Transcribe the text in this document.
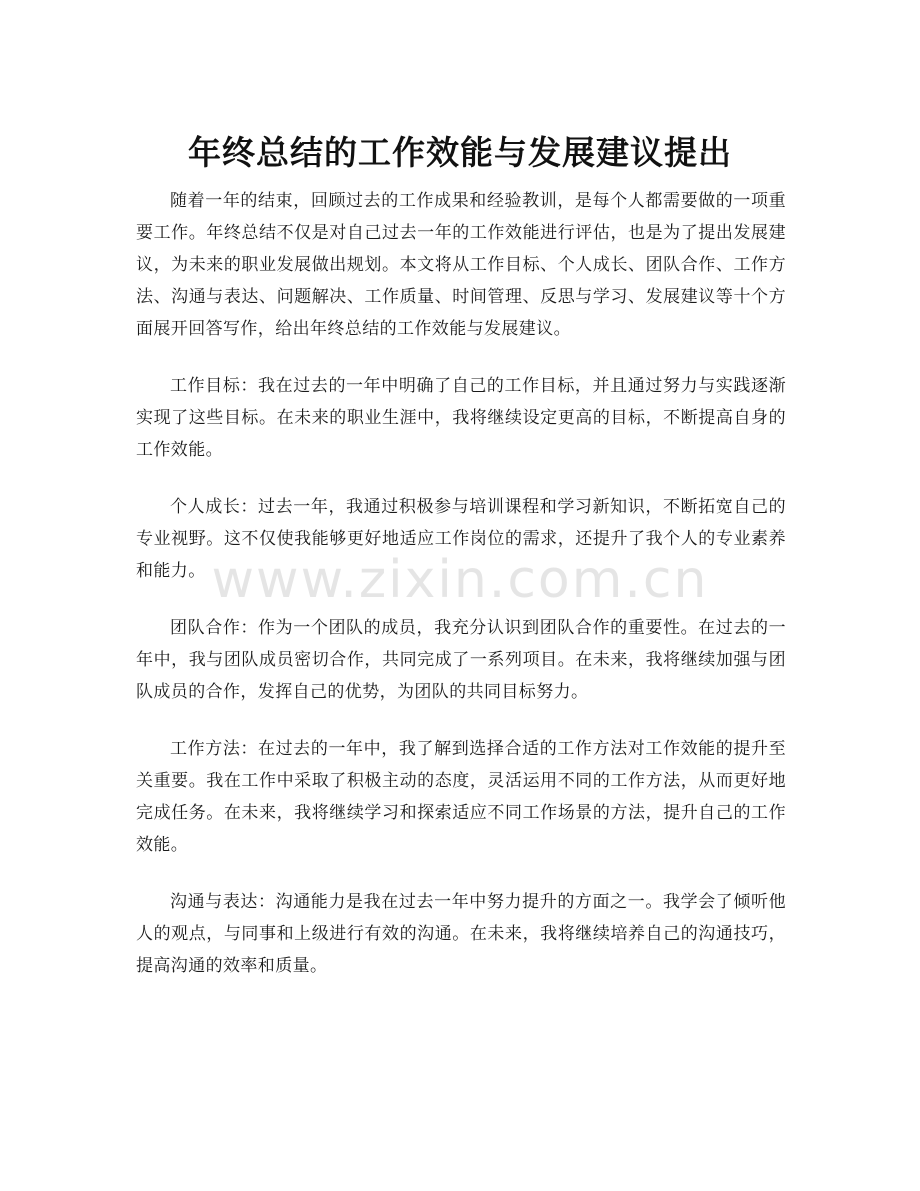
年终总结的工作效能与发展建议提出

随着一年的结束，回顾过去的工作成果和经验教训，是每个人都需要做的一项重要工作。年终总结不仅是对自己过去一年的工作效能进行评估，也是为了提出发展建议，为未来的职业发展做出规划。本文将从工作目标、个人成长、团队合作、工作方法、沟通与表达、问题解决、工作质量、时间管理、反思与学习、发展建议等十个方面展开回答写作，给出年终总结的工作效能与发展建议。

工作目标：我在过去的一年中明确了自己的工作目标，并且通过努力与实践逐渐实现了这些目标。在未来的职业生涯中，我将继续设定更高的目标，不断提高自身的工作效能。

个人成长：过去一年，我通过积极参与培训课程和学习新知识，不断拓宽自己的专业视野。这不仅使我能够更好地适应工作岗位的需求，还提升了我个人的专业素养和能力。

团队合作：作为一个团队的成员，我充分认识到团队合作的重要性。在过去的一年中，我与团队成员密切合作，共同完成了一系列项目。在未来，我将继续加强与团队成员的合作，发挥自己的优势，为团队的共同目标努力。

工作方法：在过去的一年中，我了解到选择合适的工作方法对工作效能的提升至关重要。我在工作中采取了积极主动的态度，灵活运用不同的工作方法，从而更好地完成任务。在未来，我将继续学习和探索适应不同工作场景的方法，提升自己的工作效能。

沟通与表达：沟通能力是我在过去一年中努力提升的方面之一。我学会了倾听他人的观点，与同事和上级进行有效的沟通。在未来，我将继续培养自己的沟通技巧，提高沟通的效率和质量。

www.zixin.com.cn
